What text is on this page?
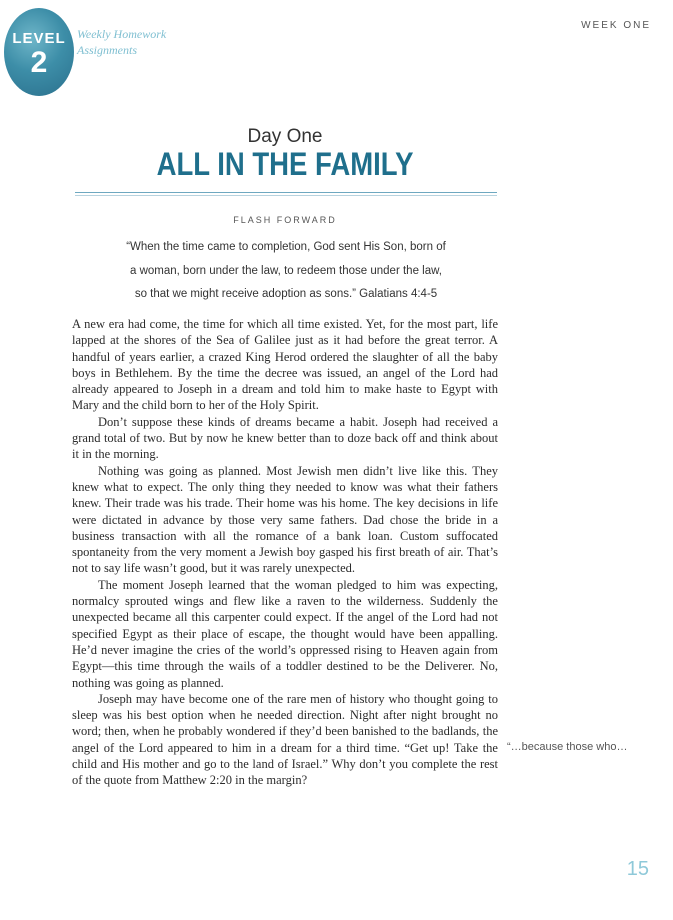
LEVEL
2
Weekly Homework Assignments
WEEK ONE
Day One
ALL IN THE FAMILY
FLASH FORWARD
“When the time came to completion, God sent His Son, born of
a woman, born under the law, to redeem those under the law,
so that we might receive adoption as sons.” Galatians 4:4-5

A new era had come, the time for which all time existed. Yet, for the most part, life lapped at the shores of the Sea of Galilee just as it had before the great terror. A handful of years earlier, a crazed King Herod ordered the slaughter of all the baby boys in Bethlehem. By the time the decree was issued, an angel of the Lord had already appeared to Joseph in a dream and told him to make haste to Egypt with Mary and the child born to her of the Holy Spirit.

Don’t suppose these kinds of dreams became a habit. Joseph had received a grand total of two. But by now he knew better than to doze back off and think about it in the morning.

Nothing was going as planned. Most Jewish men didn’t live like this. They knew what to expect. The only thing they needed to know was what their fathers knew. Their trade was his trade. Their home was his home. The key decisions in life were dictated in advance by those very same fathers. Dad chose the bride in a business transaction with all the romance of a bank loan. Custom suffocated spontaneity from the very moment a Jewish boy gasped his first breath of air. That’s not to say life wasn’t good, but it was rarely unexpected.

The moment Joseph learned that the woman pledged to him was expecting, normalcy sprouted wings and flew like a raven to the wilderness. Suddenly the unexpected became all this carpenter could expect. If the angel of the Lord had not specified Egypt as their place of escape, the thought would have been appalling. He’d never imagine the cries of the world’s oppressed rising to Heaven again from Egypt—this time through the wails of a toddler destined to be the Deliverer. No, nothing was going as planned.

Joseph may have become one of the rare men of history who thought going to sleep was his best option when he needed direction. Night after night brought no word; then, when he probably wondered if they’d been banished to the badlands, the angel of the Lord appeared to him in a dream for a third time. “Get up! Take the child and His mother and go to the land of Israel.” Why don’t you complete the rest of the quote from Matthew 2:20 in the margin?

“…because those who…
15
